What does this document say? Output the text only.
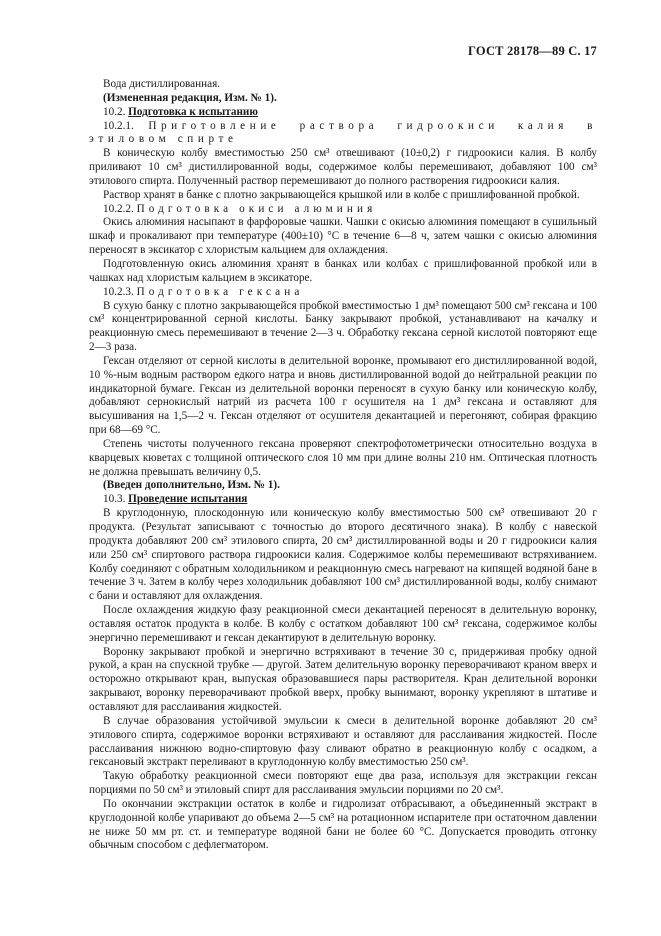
ГОСТ 28178—89 С. 17

Вода дистиллированная.

(Измененная редакция, Изм. № 1).

10.2. Подготовка к испытанию

10.2.1. Приготовление раствора гидроокиси калия в этиловом спирте

В коническую колбу вместимостью 250 см³ отвешивают (10±0,2) г гидроокиси калия. В колбу приливают 10 см³ дистиллированной воды, содержимое колбы перемешивают, добавляют 100 см³ этилового спирта. Полученный раствор перемешивают до полного растворения гидроокиси калия.

Раствор хранят в банке с плотно закрывающейся крышкой или в колбе с пришлифованной пробкой.

10.2.2. Подготовка окиси алюминия

Окись алюминия насыпают в фарфоровые чашки. Чашки с окисью алюминия помещают в сушильный шкаф и прокаливают при температуре (400±10) °С в течение 6—8 ч, затем чашки с окисью алюминия переносят в эксикатор с хлористым кальцием для охлаждения.

Подготовленную окись алюминия хранят в банках или колбах с пришлифованной пробкой или в чашках над хлористым кальцием в эксикаторе.

10.2.3. Подготовка гексана

В сухую банку с плотно закрывающейся пробкой вместимостью 1 дм³ помещают 500 см³ гексана и 100 см³ концентрированной серной кислоты. Банку закрывают пробкой, устанавливают на качалку и реакционную смесь перемешивают в течение 2—3 ч. Обработку гексана серной кислотой повторяют еще 2—3 раза.

Гексан отделяют от серной кислоты в делительной воронке, промывают его дистиллированной водой, 10 %-ным водным раствором едкого натра и вновь дистиллированной водой до нейтральной реакции по индикаторной бумаге. Гексан из делительной воронки переносят в сухую банку или коническую колбу, добавляют сернокислый натрий из расчета 100 г осушителя на 1 дм³ гексана и оставляют для высушивания на 1,5—2 ч. Гексан отделяют от осушителя декантацией и перегоняют, собирая фракцию при 68—69 °С.

Степень чистоты полученного гексана проверяют спектрофотометрически относительно воздуха в кварцевых кюветах с толщиной оптического слоя 10 мм при длине волны 210 нм. Оптическая плотность не должна превышать величину 0,5.

(Введен дополнительно, Изм. № 1).

10.3. Проведение испытания

В круглодонную, плоскодонную или коническую колбу вместимостью 500 см³ отвешивают 20 г продукта. (Результат записывают с точностью до второго десятичного знака). В колбу с навеской продукта добавляют 200 см³ этилового спирта, 20 см³ дистиллированной воды и 20 г гидроокиси калия или 250 см³ спиртового раствора гидроокиси калия. Содержимое колбы перемешивают встряхиванием. Колбу соединяют с обратным холодильником и реакционную смесь нагревают на кипящей водяной бане в течение 3 ч. Затем в колбу через холодильник добавляют 100 см³ дистиллированной воды, колбу снимают с бани и оставляют для охлаждения.

После охлаждения жидкую фазу реакционной смеси декантацией переносят в делительную воронку, оставляя остаток продукта в колбе. В колбу с остатком добавляют 100 см³ гексана, содержимое колбы энергично перемешивают и гексан декантируют в делительную воронку.

Воронку закрывают пробкой и энергично встряхивают в течение 30 с, придерживая пробку одной рукой, а кран на спускной трубке — другой. Затем делительную воронку переворачивают краном вверх и осторожно открывают кран, выпуская образовавшиеся пары растворителя. Кран делительной воронки закрывают, воронку переворачивают пробкой вверх, пробку вынимают, воронку укрепляют в штативе и оставляют для расслаивания жидкостей.

В случае образования устойчивой эмульсии к смеси в делительной воронке добавляют 20 см³ этилового спирта, содержимое воронки встряхивают и оставляют для расслаивания жидкостей. После расслаивания нижнюю водно-спиртовую фазу сливают обратно в реакционную колбу с осадком, а гексановый экстракт переливают в круглодонную колбу вместимостью 250 см³.

Такую обработку реакционной смеси повторяют еще два раза, используя для экстракции гексан порциями по 50 см³ и этиловый спирт для расслаивания эмульсии порциями по 20 см³.

По окончании экстракции остаток в колбе и гидролизат отбрасывают, а объединенный экстракт в круглодонной колбе упаривают до объема 2—5 см³ на ротационном испарителе при остаточном давлении не ниже 50 мм рт. ст. и температуре водяной бани не более 60 °С. Допускается проводить отгонку обычным способом с дефлегматором.
